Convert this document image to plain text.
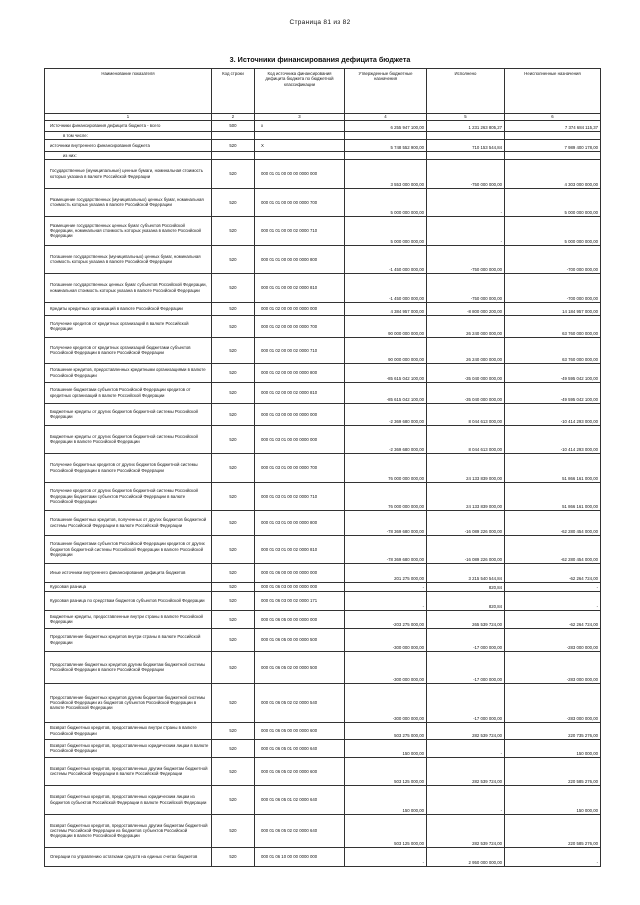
Страница 81 из 82
3. Источники финансирования дефицита бюджета
Наименование показателя	Код строки	Код источника финансирования дефицита бюджета по бюджетной классификации	Утвержденные бюджетные назначения	Исполнено	Неисполненные назначения
1	2	3	4	5	6
Источники финансирования дефицита бюджета - всего	500	х	6 255 947 100,00	1 231 263 805,27	7 374 684 115,37
в том числе:					
источники внутреннего финансирования бюджета	520	Х	5 748 552 900,00	710 153 544,84	7 989 400 178,00
из них:					
Государственные (муниципальные) ценные бумаги, номинальная стоимость которых указана в валюте Российской Федерации	520	000 01 01 00 00 00 0000 000	3 553 000 000,00	-750 000 000,00	4 303 000 000,00
Размещение государственных (муниципальных) ценных бумаг, номинальная стоимость которых указана в валюте Российской Федерации	520	000 01 01 00 00 00 0000 700	5 000 000 000,00	-	5 000 000 000,00
Размещение государственных ценных бумаг субъектов Российской Федерации, номинальная стоимость которых указана в валюте Российской Федерации	520	000 01 01 00 00 02 0000 710	5 000 000 000,00	-	5 000 000 000,00
Погашение государственных (муниципальных) ценных бумаг, номинальная стоимость которых указана в валюте Российской Федерации	520	000 01 01 00 00 00 0000 800	-1 450 000 000,00	-750 000 000,00	-700 000 000,00
Погашение государственных ценных бумаг субъектов Российской Федерации, номинальная стоимость которых указана в валюте Российской Федерации	520	000 01 01 00 00 02 0000 810	-1 450 000 000,00	-750 000 000,00	-700 000 000,00
Кредиты кредитных организаций в валюте Российской Федерации	520	000 01 02 00 00 00 0000 000	4 384 957 000,00	-8 800 000 200,00	14 184 957 000,00
Получение кредитов от кредитных организаций в валюте Российской Федерации	520	000 01 02 00 00 00 0000 700	90 000 000 000,00	26 240 000 000,00	63 760 000 000,00
Получение кредитов от кредитных организаций бюджетами субъектов Российской Федерации в валюте Российской Федерации	520	000 01 02 00 00 02 0000 710	90 000 000 000,00	26 240 000 000,00	63 760 000 000,00
Погашение кредитов, предоставленных кредитными организациями в валюте Российской Федерации	520	000 01 02 00 00 00 0000 800	-85 615 042 100,00	-35 040 000 000,00	-49 595 042 100,00
Погашение бюджетами субъектов Российской Федерации кредитов от кредитных организаций в валюте Российской Федерации	520	000 01 02 00 00 02 0000 810	-85 615 042 100,00	-35 040 000 000,00	-49 595 042 100,00
Бюджетные кредиты от других бюджетов бюджетной системы Российской Федерации	520	000 01 03 00 00 00 0000 000	-2 369 680 000,00	8 044 613 000,00	-10 414 293 000,00
Бюджетные кредиты от других бюджетов бюджетной системы Российской Федерации в валюте Российской Федерации	520	000 01 03 01 00 00 0000 000	-2 369 680 000,00	8 044 613 000,00	-10 414 293 000,00
Получение бюджетных кредитов от других бюджетов бюджетной системы Российской Федерации в валюте Российской Федерации	520	000 01 03 01 00 00 0000 700	76 000 000 000,00	24 133 839 000,00	51 866 161 000,00
Получение кредитов от других бюджетов бюджетной системы Российской Федерации бюджетами субъектов Российской Федерации в валюте Российской Федерации	520	000 01 03 01 00 02 0000 710	76 000 000 000,00	24 133 839 000,00	51 866 161 000,00
Погашение бюджетных кредитов, полученных от других бюджетов бюджетной системы Российской Федерации в валюте Российской Федерации	520	000 01 03 01 00 00 0000 800	-78 369 680 000,00	-16 089 226 000,00	-62 280 454 000,00
Погашение бюджетами субъектов Российской Федерации кредитов от других бюджетов бюджетной системы Российской Федерации в валюте Российской Федерации	520	000 01 03 01 00 02 0000 810	-78 369 680 000,00	-16 089 226 000,00	-62 280 454 000,00
Иные источники внутреннего финансирования дефицита бюджетов	520	000 01 06 00 00 00 0000 000	201 275 000,00	3 215 540 544,84	-62 264 724,00
Курсовая разница	520	000 01 06 03 00 00 0000 000	-	820,84	-
Курсовая разница по средствам бюджетов субъектов Российской Федерации	520	000 01 06 03 00 02 0000 171	-	820,84	-
Бюджетные кредиты, предоставленные внутри страны в валюте Российской Федерации	520	000 01 06 05 00 00 0000 000	-203 275 000,00	265 539 724,00	-62 264 724,00
Предоставление бюджетных кредитов внутри страны в валюте Российской Федерации	520	000 01 06 05 00 00 0000 500	-300 000 000,00	-17 000 000,00	-283 000 000,00
Предоставление бюджетных кредитов другим бюджетам бюджетной системы Российской Федерации в валюте Российской Федерации	520	000 01 06 05 02 00 0000 500	-300 000 000,00	-17 000 000,00	-283 000 000,00
Предоставление бюджетных кредитов другим бюджетам бюджетной системы Российской Федерации из бюджетов субъектов Российской Федерации в валюте Российской Федерации	520	000 01 06 05 02 02 0000 540	-300 000 000,00	-17 000 000,00	-283 000 000,00
Возврат бюджетных кредитов, предоставленных внутри страны в валюте Российской Федерации	520	000 01 06 05 00 00 0000 600	503 275 000,00	282 539 724,00	220 735 276,00
Возврат бюджетных кредитов, предоставленных юридическим лицам в валюте Российской Федерации	520	000 01 06 05 01 00 0000 640	150 000,00	-	150 000,00
Возврат бюджетных кредитов, предоставленных другим бюджетам бюджетной системы Российской Федерации в валюте Российской Федерации	520	000 01 06 05 02 00 0000 600	503 125 000,00	282 539 724,00	220 585 276,00
Возврат бюджетных кредитов, предоставленных юридическим лицам из бюджетов субъектов Российской Федерации в валюте Российской Федерации	520	000 01 06 05 01 02 0000 640	150 000,00	-	150 000,00
Возврат бюджетных кредитов, предоставленных другим бюджетам бюджетной системы Российской Федерации из бюджетов субъектов Российской Федерации в валюте Российской Федерации	520	000 01 06 05 02 02 0000 640	503 125 000,00	282 539 724,00	220 585 276,00
Операции по управлению остатками средств на единых счетах бюджетов	520	000 01 06 10 00 00 0000 000	-	2 950 000 000,00	-
